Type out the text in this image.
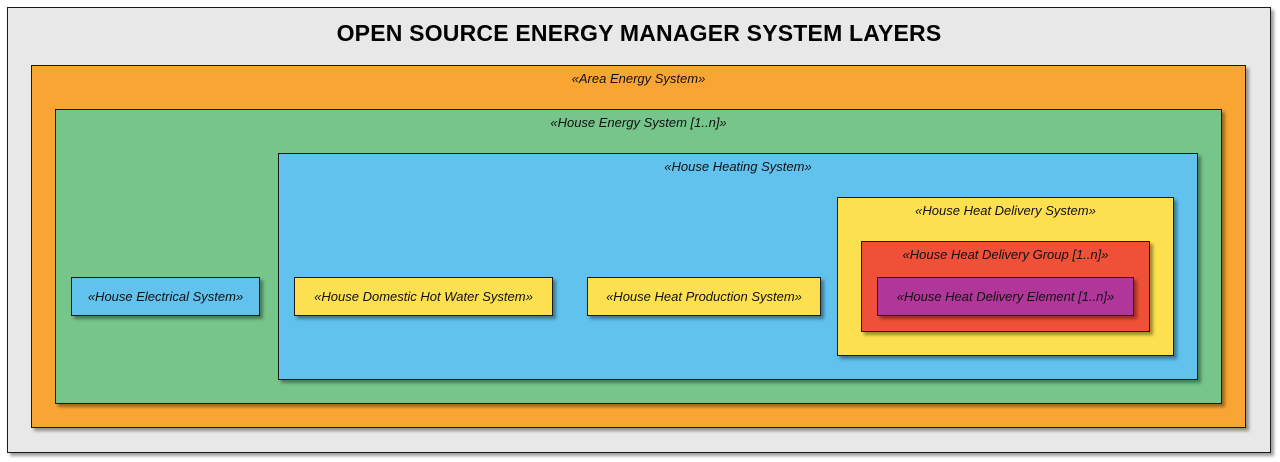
OPEN SOURCE ENERGY MANAGER SYSTEM LAYERS
«Area Energy System»
«House Energy System [1..n]»
«House Heating System»
«House Heat Delivery System»
«House Heat Delivery Group [1..n]»
«House Heat Delivery Element [1..n]»
«House Electrical System»	«House Domestic Hot Water System»	«House Heat Production System»
